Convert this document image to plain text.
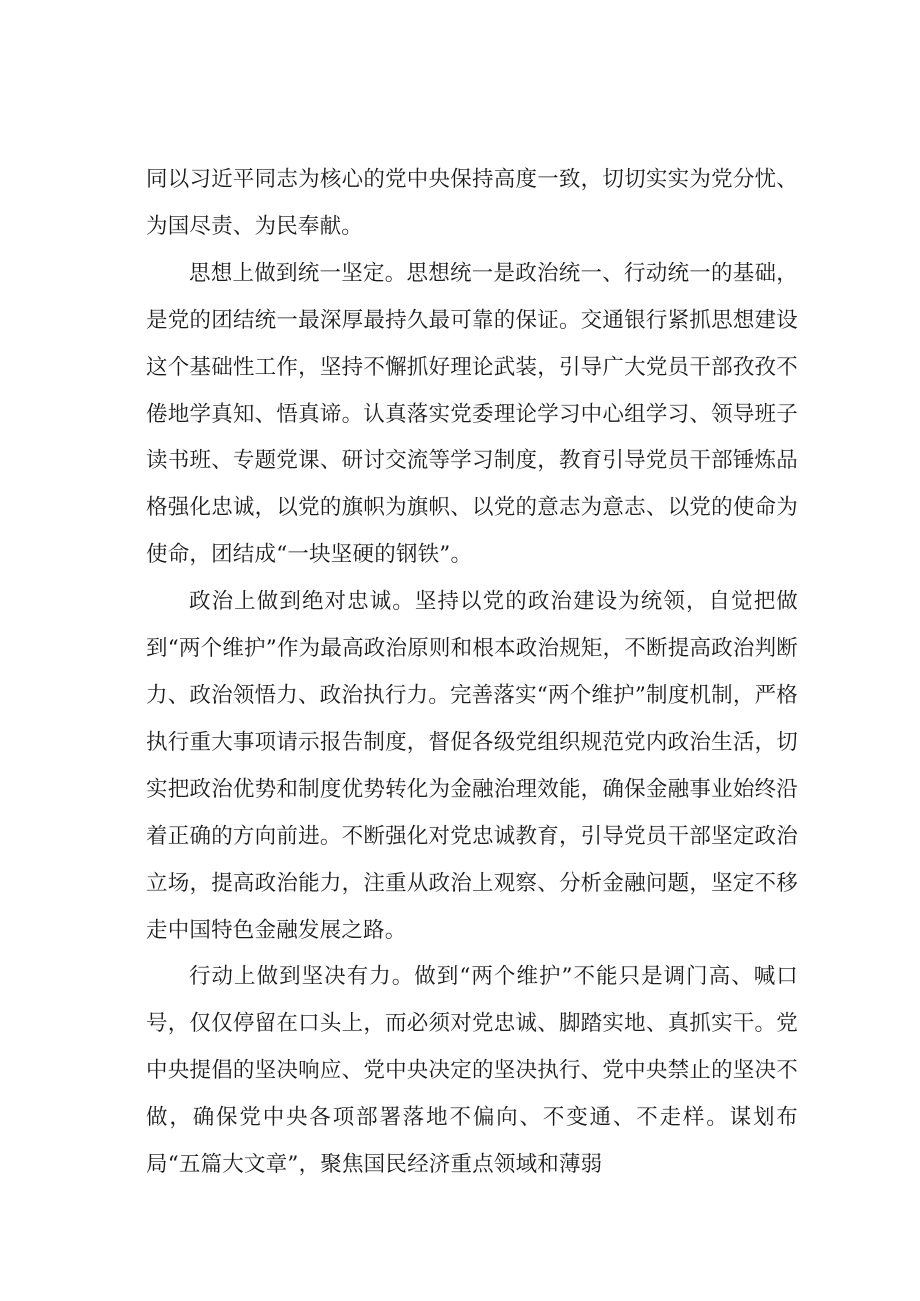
同以习近平同志为核心的党中央保持高度一致，切切实实为党分忧、为国尽责、为民奉献。

思想上做到统一坚定。思想统一是政治统一、行动统一的基础，是党的团结统一最深厚最持久最可靠的保证。交通银行紧抓思想建设这个基础性工作，坚持不懈抓好理论武装，引导广大党员干部孜孜不倦地学真知、悟真谛。认真落实党委理论学习中心组学习、领导班子读书班、专题党课、研讨交流等学习制度，教育引导党员干部锤炼品格强化忠诚，以党的旗帜为旗帜、以党的意志为意志、以党的使命为使命，团结成“一块坚硬的钢铁”。

政治上做到绝对忠诚。坚持以党的政治建设为统领，自觉把做到“两个维护”作为最高政治原则和根本政治规矩，不断提高政治判断力、政治领悟力、政治执行力。完善落实“两个维护”制度机制，严格执行重大事项请示报告制度，督促各级党组织规范党内政治生活，切实把政治优势和制度优势转化为金融治理效能，确保金融事业始终沿着正确的方向前进。不断强化对党忠诚教育，引导党员干部坚定政治立场，提高政治能力，注重从政治上观察、分析金融问题，坚定不移走中国特色金融发展之路。

行动上做到坚决有力。做到“两个维护”不能只是调门高、喊口号，仅仅停留在口头上，而必须对党忠诚、脚踏实地、真抓实干。党中央提倡的坚决响应、党中央决定的坚决执行、党中央禁止的坚决不做，确保党中央各项部署落地不偏向、不变通、不走样。谋划布局“五篇大文章”，聚焦国民经济重点领域和薄弱
